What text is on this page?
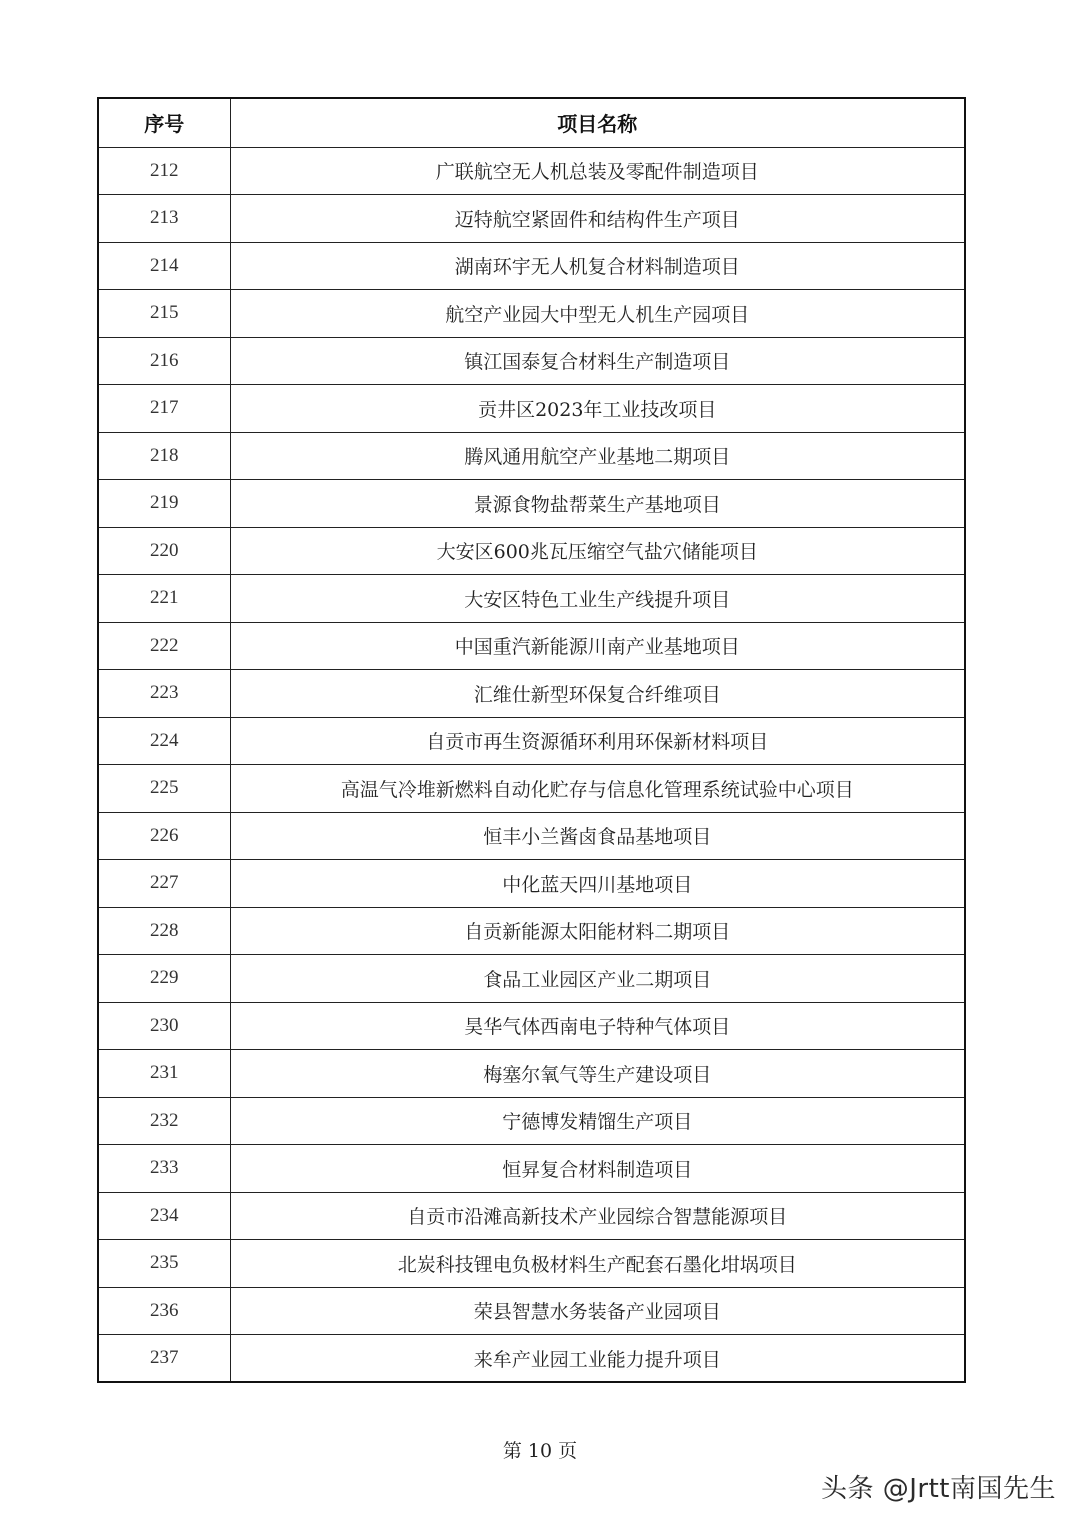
序号	项目名称
212	广联航空无人机总装及零配件制造项目
213	迈特航空紧固件和结构件生产项目
214	湖南环宇无人机复合材料制造项目
215	航空产业园大中型无人机生产园项目
216	镇江国泰复合材料生产制造项目
217	贡井区2023年工业技改项目
218	腾风通用航空产业基地二期项目
219	景源食物盐帮菜生产基地项目
220	大安区600兆瓦压缩空气盐穴储能项目
221	大安区特色工业生产线提升项目
222	中国重汽新能源川南产业基地项目
223	汇维仕新型环保复合纤维项目
224	自贡市再生资源循环利用环保新材料项目
225	高温气冷堆新燃料自动化贮存与信息化管理系统试验中心项目
226	恒丰小兰酱卤食品基地项目
227	中化蓝天四川基地项目
228	自贡新能源太阳能材料二期项目
229	食品工业园区产业二期项目
230	昊华气体西南电子特种气体项目
231	梅塞尔氧气等生产建设项目
232	宁德博发精馏生产项目
233	恒昇复合材料制造项目
234	自贡市沿滩高新技术产业园综合智慧能源项目
235	北炭科技锂电负极材料生产配套石墨化坩埚项目
236	荣县智慧水务装备产业园项目
237	来牟产业园工业能力提升项目
第 10 页
头条 @Jrtt南国先生
